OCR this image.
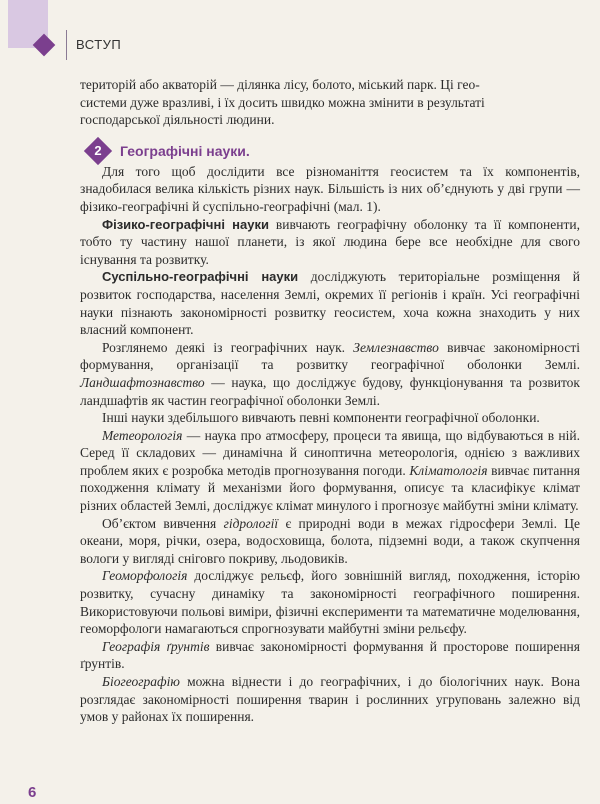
ВСТУП

територій або акваторій — ділянка лісу, болото, міський парк. Ці гео-

системи дуже вразливі, і їх досить швидко можна змінити в результаті

господарської діяльності людини.

2	Географічні науки.

Для того щоб дослідити все різноманіття геосистем та їх компонентів, знадобилася велика кількість різних наук. Більшість із них об’єднують у дві групи — фізико-географічні й суспільно-географічні (мал. 1).

Фізико-географічні науки вивчають географічну оболонку та її компоненти, тобто ту частину нашої планети, із якої людина бере все необхідне для свого існування та розвитку.

Суспільно-географічні науки досліджують територіальне розміщення й розвиток господарства, населення Землі, окремих її регіонів і країн. Усі географічні науки пізнають закономірності розвитку геосистем, хоча кожна знаходить у них власний компонент.

Розглянемо деякі із географічних наук. Землезнавство вивчає закономірності формування, організації та розвитку географічної оболонки Землі. Ландшафтознавство — наука, що досліджує будову, функціонування та розвиток ландшафтів як частин географічної оболонки Землі.

Інші науки здебільшого вивчають певні компоненти географічної оболонки.

Метеорологія — наука про атмосферу, процеси та явища, що відбуваються в ній. Серед її складових — динамічна й синоптична метеорологія, однією з важливих проблем яких є розробка методів прогнозування погоди. Кліматологія вивчає питання походження клімату й механізми його формування, описує та класифікує клімат різних областей Землі, досліджує клімат минулого і прогнозує майбутні зміни клімату.

Об’єктом вивчення гідрології є природні води в межах гідросфери Землі. Це океани, моря, річки, озера, водосховища, болота, підземні води, а також скупчення вологи у вигляді сніговго покриву, льодовиків.

Геоморфологія досліджує рельєф, його зовнішній вигляд, походження, історію розвитку, сучасну динаміку та закономірності географічного поширення. Використовуючи польові виміри, фізичні експерименти та математичне моделювання, геоморфологи намагаються спрогнозувати майбутні зміни рельєфу.

Географія ґрунтів вивчає закономірності формування й просторове поширення ґрунтів.

Біогеографію можна віднести і до географічних, і до біологічних наук. Вона розглядає закономірності поширення тварин і рослинних угруповань залежно від умов у районах їх поширення.

6
